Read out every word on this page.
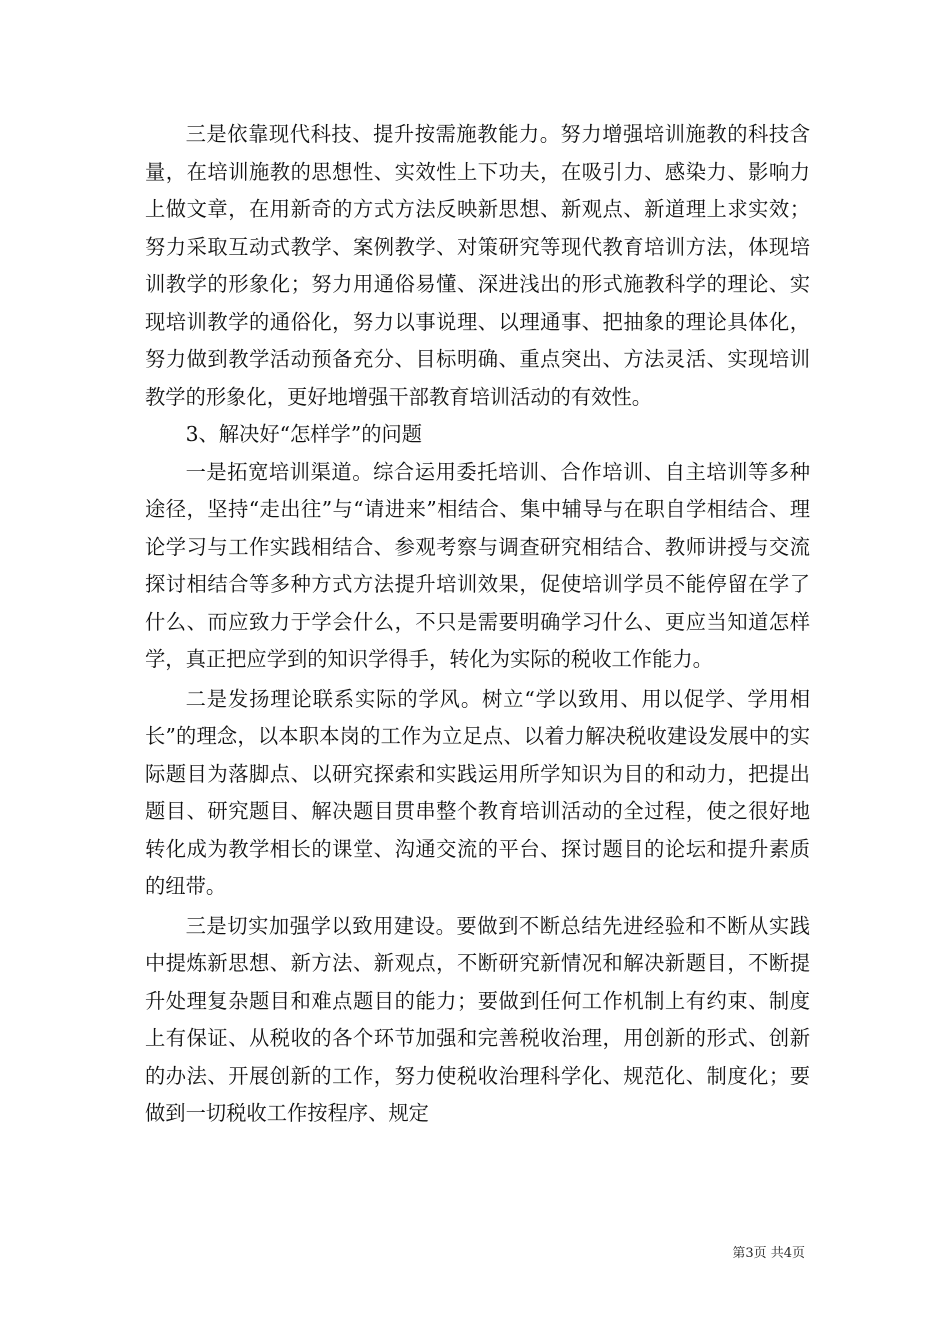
三是依靠现代科技、提升按需施教能力。努力增强培训施教的科技含量，在培训施教的思想性、实效性上下功夫，在吸引力、感染力、影响力上做文章，在用新奇的方式方法反映新思想、新观点、新道理上求实效；努力采取互动式教学、案例教学、对策研究等现代教育培训方法，体现培训教学的形象化；努力用通俗易懂、深进浅出的形式施教科学的理论、实现培训教学的通俗化，努力以事说理、以理通事、把抽象的理论具体化，努力做到教学活动预备充分、目标明确、重点突出、方法灵活、实现培训教学的形象化，更好地增强干部教育培训活动的有效性。

3、解决好“怎样学”的问题

一是拓宽培训渠道。综合运用委托培训、合作培训、自主培训等多种途径，坚持“走出往”与“请进来”相结合、集中辅导与在职自学相结合、理论学习与工作实践相结合、参观考察与调查研究相结合、教师讲授与交流探讨相结合等多种方式方法提升培训效果，促使培训学员不能停留在学了什么、而应致力于学会什么，不只是需要明确学习什么、更应当知道怎样学，真正把应学到的知识学得手，转化为实际的税收工作能力。

二是发扬理论联系实际的学风。树立“学以致用、用以促学、学用相长”的理念，以本职本岗的工作为立足点、以着力解决税收建设发展中的实际题目为落脚点、以研究探索和实践运用所学知识为目的和动力，把提出题目、研究题目、解决题目贯串整个教育培训活动的全过程，使之很好地转化成为教学相长的课堂、沟通交流的平台、探讨题目的论坛和提升素质的纽带。

三是切实加强学以致用建设。要做到不断总结先进经验和不断从实践中提炼新思想、新方法、新观点，不断研究新情况和解决新题目，不断提升处理复杂题目和难点题目的能力；要做到任何工作机制上有约束、制度上有保证、从税收的各个环节加强和完善税收治理，用创新的形式、创新的办法、开展创新的工作，努力使税收治理科学化、规范化、制度化；要做到一切税收工作按程序、规定

第3页 共4页
